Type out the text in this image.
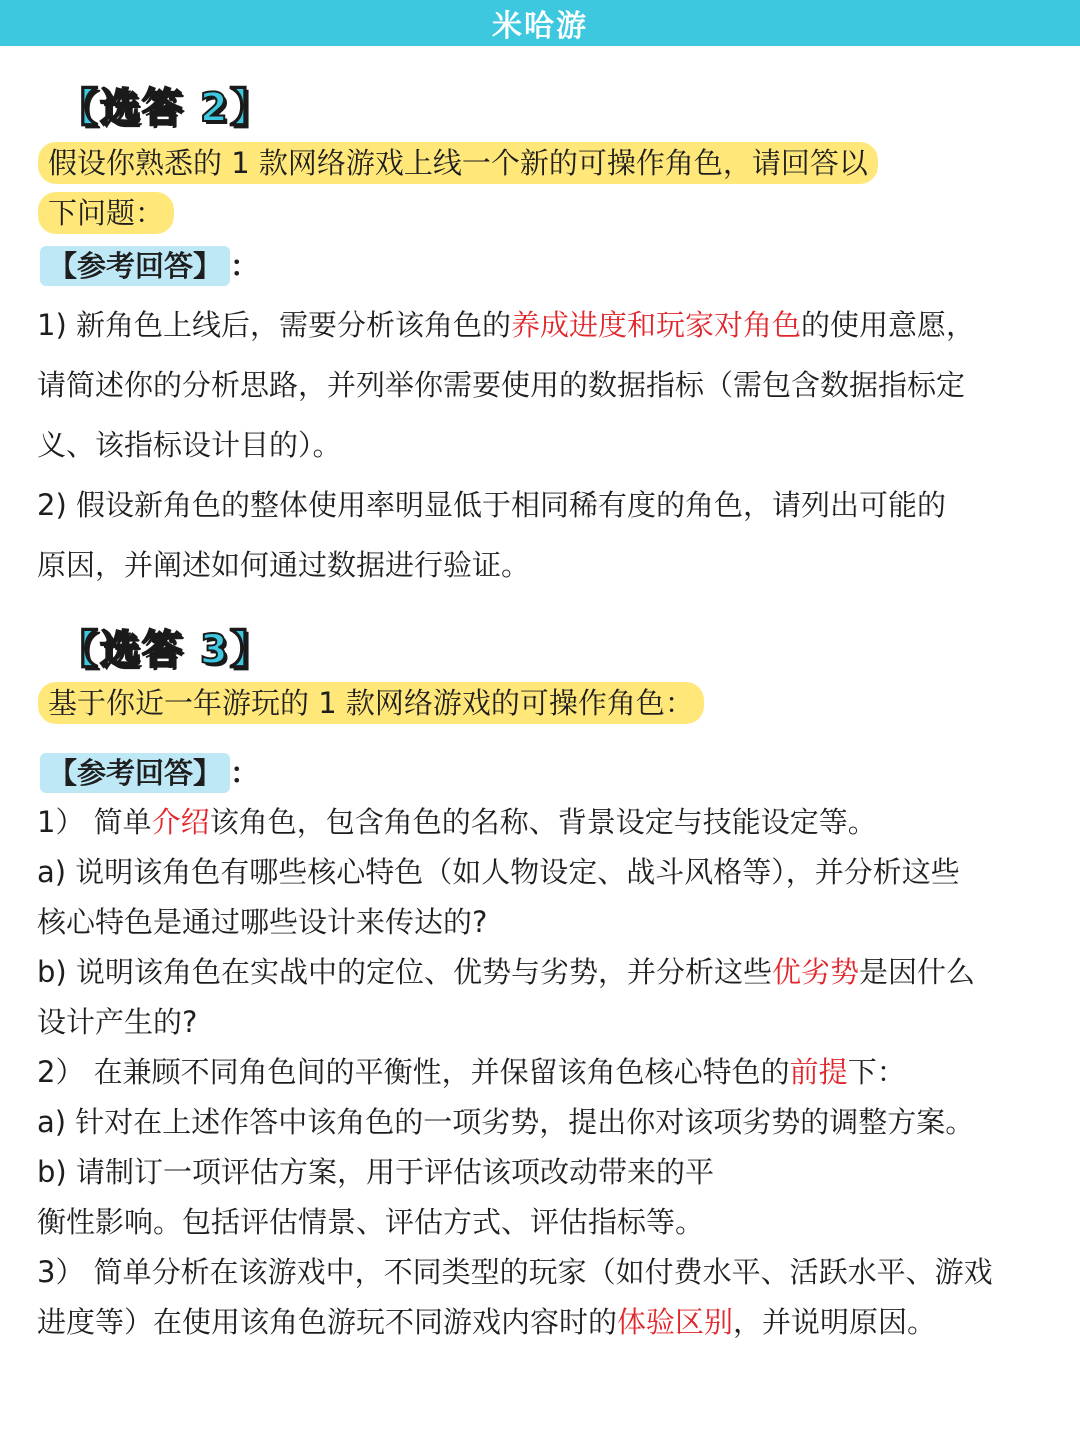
米哈游
【选答 2】
假设你熟悉的 1 款网络游戏上线一个新的可操作角色，请回答以
下问题：
【参考回答】 ：
1) 新角色上线后，需要分析该角色的养成进度和玩家对角色的使用意愿，
请简述你的分析思路，并列举你需要使用的数据指标（需包含数据指标定
义、该指标设计目的）。
2) 假设新角色的整体使用率明显低于相同稀有度的角色，请列出可能的
原因，并阐述如何通过数据进行验证。
【选答 3】
基于你近一年游玩的 1 款网络游戏的可操作角色：
【参考回答】 ：
1） 简单介绍该角色，包含角色的名称、背景设定与技能设定等。
a) 说明该角色有哪些核心特色（如人物设定、战斗风格等），并分析这些
核心特色是通过哪些设计来传达的?
b) 说明该角色在实战中的定位、优势与劣势，并分析这些优劣势是因什么
设计产生的?
2） 在兼顾不同角色间的平衡性，并保留该角色核心特色的前提下：
a) 针对在上述作答中该角色的一项劣势，提出你对该项劣势的调整方案。
b) 请制订一项评估方案，用于评估该项改动带来的平
衡性影响。包括评估情景、评估方式、评估指标等。
3） 简单分析在该游戏中，不同类型的玩家（如付费水平、活跃水平、游戏
进度等）在使用该角色游玩不同游戏内容时的体验区别，并说明原因。
